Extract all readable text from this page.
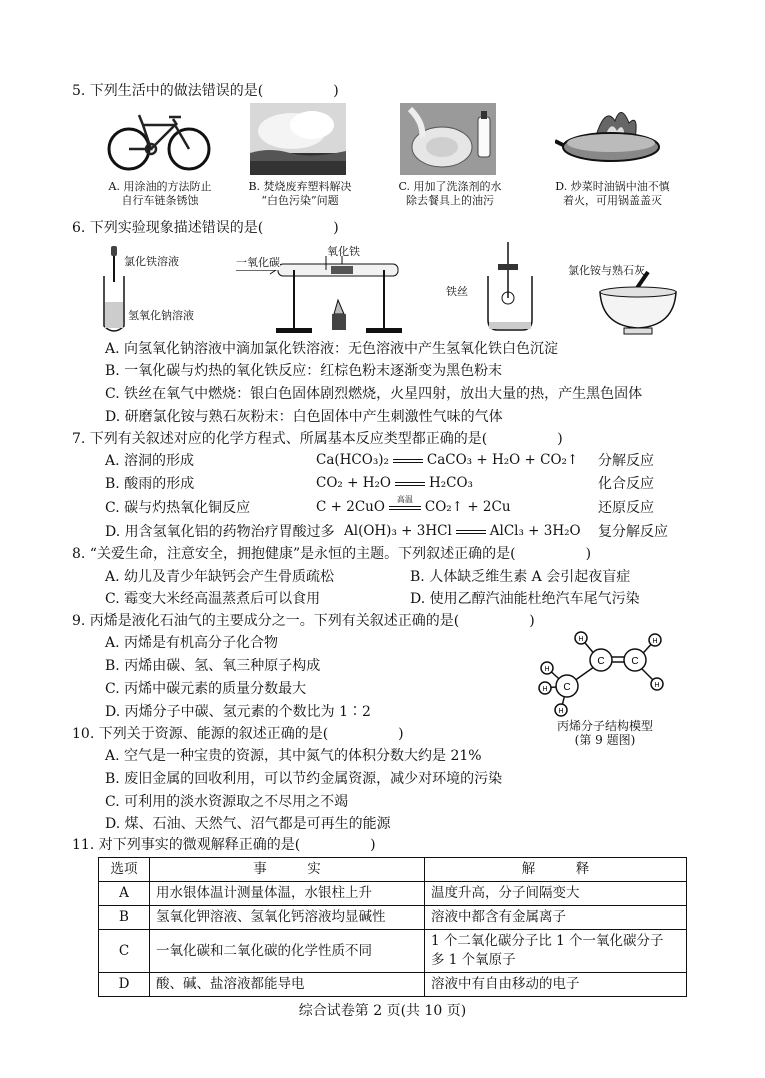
5. 下列生活中的做法错误的是(　　　　　)
A. 用涂油的方法防止
自行车链条锈蚀
B. 焚烧废弃塑料解决
“白色污染”问题
C. 用加了洗涤剂的水
除去餐具上的油污
D. 炒菜时油锅中油不慎
着火，可用锅盖盖灭
6. 下列实验现象描述错误的是(　　　　　)
氯化铁溶液
氢氧化钠溶液
一氧化碳
氧化铁
铁丝
氯化铵与熟石灰
A. 向氢氧化钠溶液中滴加氯化铁溶液：无色溶液中产生氢氧化铁白色沉淀
B. 一氧化碳与灼热的氧化铁反应：红棕色粉末逐渐变为黑色粉末
C. 铁丝在氧气中燃烧：银白色固体剧烈燃烧，火星四射，放出大量的热，产生黑色固体
D. 研磨氯化铵与熟石灰粉末：白色固体中产生刺激性气味的气体
7. 下列有关叙述对应的化学方程式、所属基本反应类型都正确的是(　　　　　)
A. 溶洞的形成	Ca(HCO₃)₂	CaCO₃ + H₂O + CO₂↑ 分解反应
B. 酸雨的形成	CO₂ + H₂O	H₂CO₃	化合反应
C. 碳与灼热氧化铜反应	C + 2CuO	高温 CO₂↑ + 2Cu	还原反应
D. 用含氢氧化铝的药物治疗胃酸过多 Al(OH)₃ + 3HCl	AlCl₃ + 3H₂O 复分解反应
8. “关爱生命，注意安全，拥抱健康”是永恒的主题。下列叙述正确的是(　　　　　)
A. 幼儿及青少年缺钙会产生骨质疏松	B. 人体缺乏维生素 A 会引起夜盲症
C. 霉变大米经高温蒸煮后可以食用	D. 使用乙醇汽油能杜绝汽车尾气污染
9. 丙烯是液化石油气的主要成分之一。下列有关叙述正确的是(　　　　　)
A. 丙烯是有机高分子化合物
B. 丙烯由碳、氢、氧三种原子构成
C. 丙烯中碳元素的质量分数最大
D. 丙烯分子中碳、氢元素的个数比为 1∶2
C
C	C
H	H
H
H
H
H
丙烯分子结构模型
(第 9 题图)
10. 下列关于资源、能源的叙述正确的是(　　　　　)
A. 空气是一种宝贵的资源，其中氮气的体积分数大约是 21%
B. 废旧金属的回收利用，可以节约金属资源，减少对环境的污染
C. 可利用的淡水资源取之不尽用之不竭
D. 煤、石油、天然气、沼气都是可再生的能源
11. 对下列事实的微观解释正确的是(　　　　　)
选项	事　　　实	解　　　释
A	用水银体温计测量体温，水银柱上升	温度升高，分子间隔变大
B	氢氧化钾溶液、氢氧化钙溶液均显碱性	溶液中都含有金属离子
C	一氧化碳和二氧化碳的化学性质不同	1 个二氧化碳分子比 1 个一氧化碳分子
多 1 个氧原子

D	酸、碱、盐溶液都能导电	溶液中有自由移动的电子
综合试卷第 2 页(共 10 页)
